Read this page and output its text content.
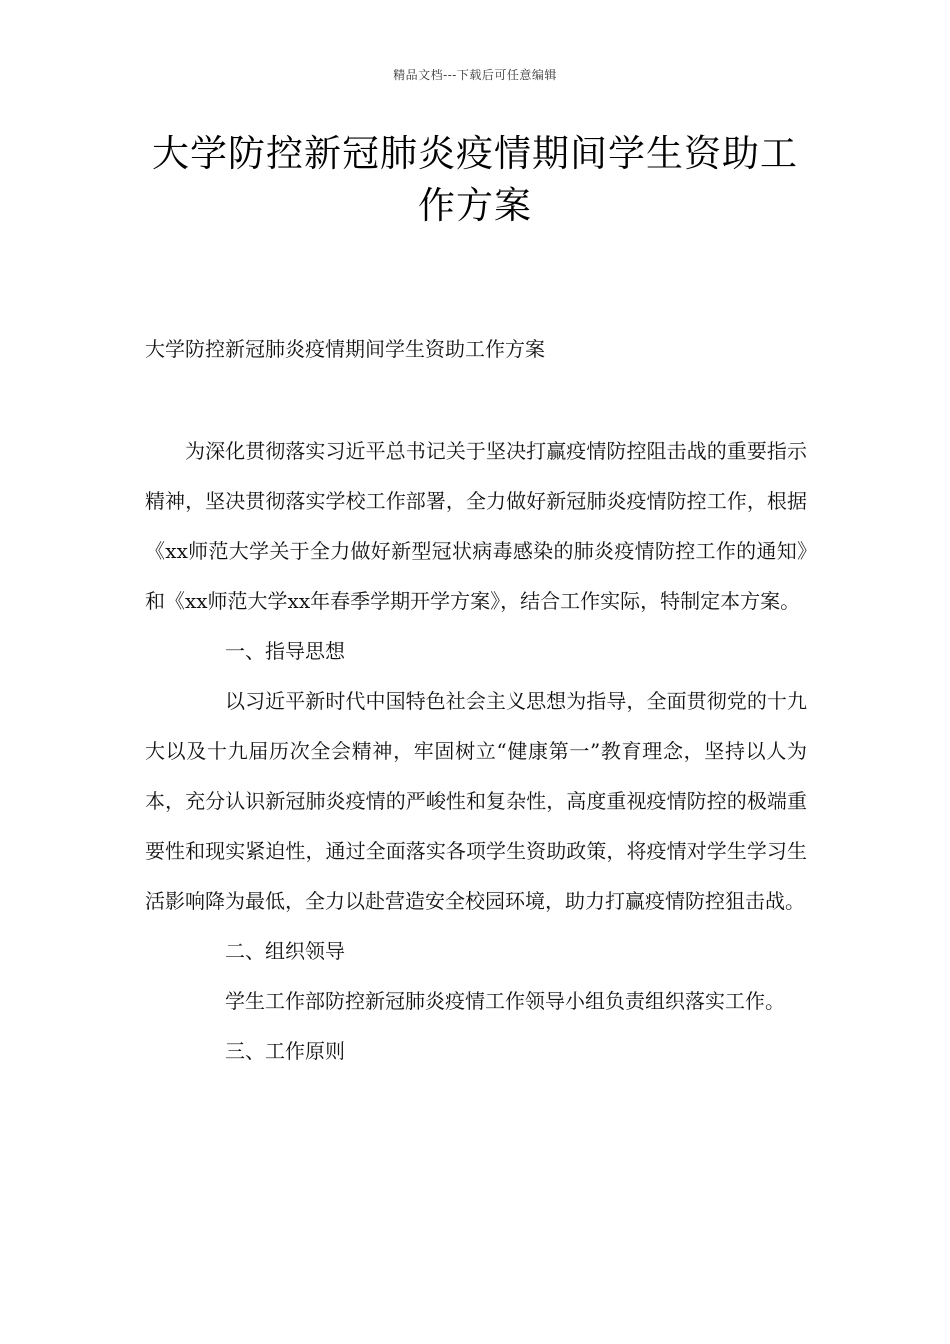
精品文档---下载后可任意编辑
大学防控新冠肺炎疫情期间学生资助工作方案
大学防控新冠肺炎疫情期间学生资助工作方案

为深化贯彻落实习近平总书记关于坚决打赢疫情防控阻击战的重要指示精神，坚决贯彻落实学校工作部署，全力做好新冠肺炎疫情防控工作，根据《xx师范大学关于全力做好新型冠状病毒感染的肺炎疫情防控工作的通知》和《xx师范大学xx年春季学期开学方案》，结合工作实际，特制定本方案。

一、指导思想

以习近平新时代中国特色社会主义思想为指导，全面贯彻党的十九大以及十九届历次全会精神，牢固树立“健康第一”教育理念，坚持以人为本，充分认识新冠肺炎疫情的严峻性和复杂性，高度重视疫情防控的极端重要性和现实紧迫性，通过全面落实各项学生资助政策，将疫情对学生学习生活影响降为最低，全力以赴营造安全校园环境，助力打赢疫情防控狙击战。

二、组织领导

学生工作部防控新冠肺炎疫情工作领导小组负责组织落实工作。

三、工作原则
